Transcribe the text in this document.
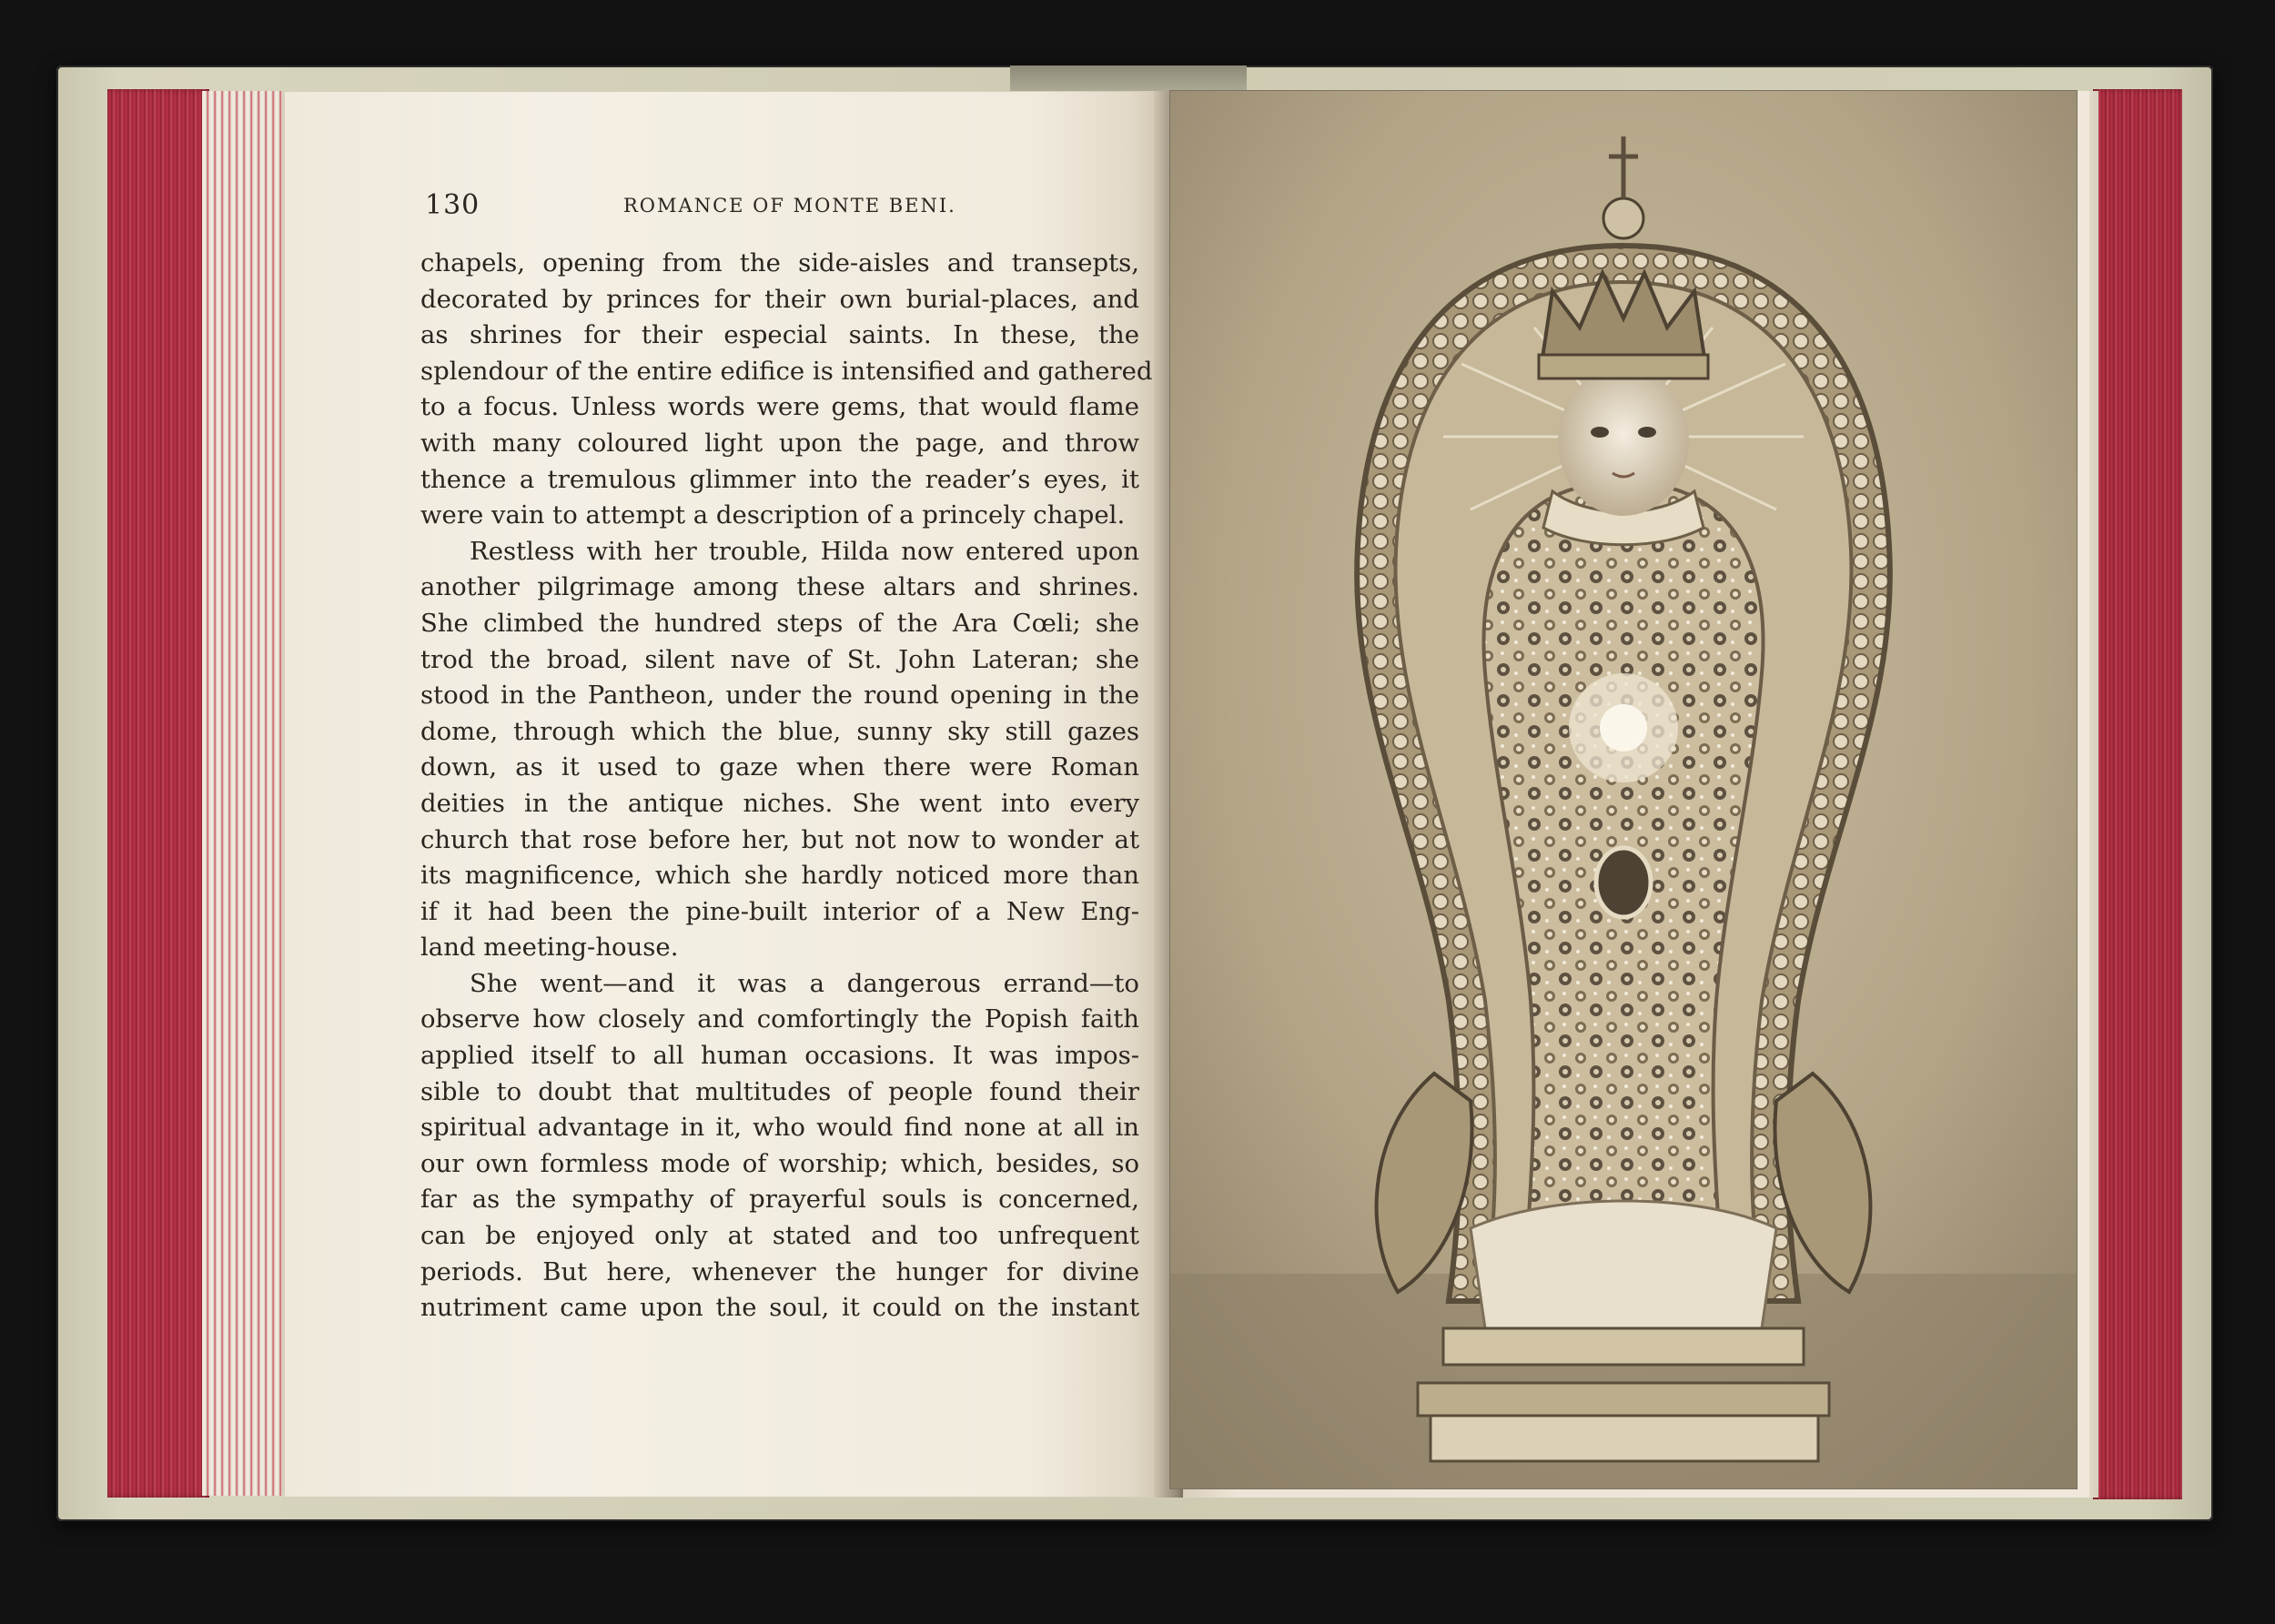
130	ROMANCE OF MONTE BENI.
chapels, opening from the side-aisles and transepts,
decorated by princes for their own burial-places, and
as shrines for their especial saints. In these, the
splendour of the entire edifice is intensified and gathered
to a focus. Unless words were gems, that would flame
with many coloured light upon the page, and throw
thence a tremulous glimmer into the reader’s eyes, it
were vain to attempt a description of a princely chapel.
Restless with her trouble, Hilda now entered upon
another pilgrimage among these altars and shrines.
She climbed the hundred steps of the Ara Cœli; she
trod the broad, silent nave of St. John Lateran; she
stood in the Pantheon, under the round opening in the
dome, through which the blue, sunny sky still gazes
down, as it used to gaze when there were Roman
deities in the antique niches. She went into every
church that rose before her, but not now to wonder at
its magnificence, which she hardly noticed more than
if it had been the pine-built interior of a New Eng-
land meeting-house.
She went—and it was a dangerous errand—to
observe how closely and comfortingly the Popish faith
applied itself to all human occasions. It was impos-
sible to doubt that multitudes of people found their
spiritual advantage in it, who would find none at all in
our own formless mode of worship; which, besides, so
far as the sympathy of prayerful souls is concerned,
can be enjoyed only at stated and too unfrequent
periods. But here, whenever the hunger for divine
nutriment came upon the soul, it could on the instant
